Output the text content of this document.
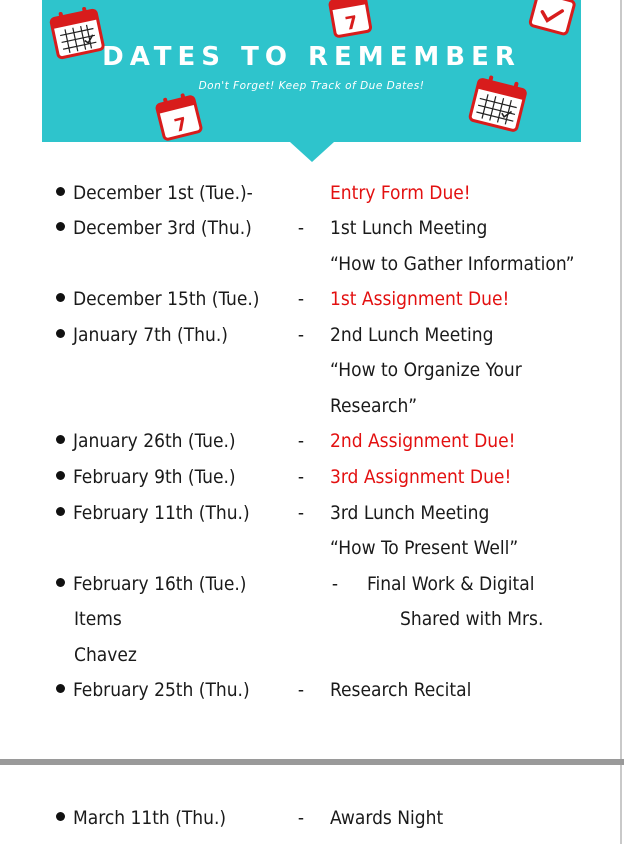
7
7
DATES TO REMEMBER
Don't Forget! Keep Track of Due Dates!
December 1st (Tue.)-	Entry Form Due!
December 3rd (Thu.) - 1st Lunch Meeting
“How to Gather Information”
December 15th (Tue.) - 1st Assignment Due!
January 7th (Thu.)	- 2nd Lunch Meeting
“How to Organize Your
Research”
January 26th (Tue.)	- 2nd Assignment Due!
February 9th (Tue.)	- 3rd Assignment Due!
February 11th (Thu.)	- 3rd Lunch Meeting
“How To Present Well”
February 16th (Tue.)	- Final Work & Digital
Items	Shared with Mrs.
Chavez
February 25th (Thu.)	- Research Recital
March 11th (Thu.)	- Awards Night
